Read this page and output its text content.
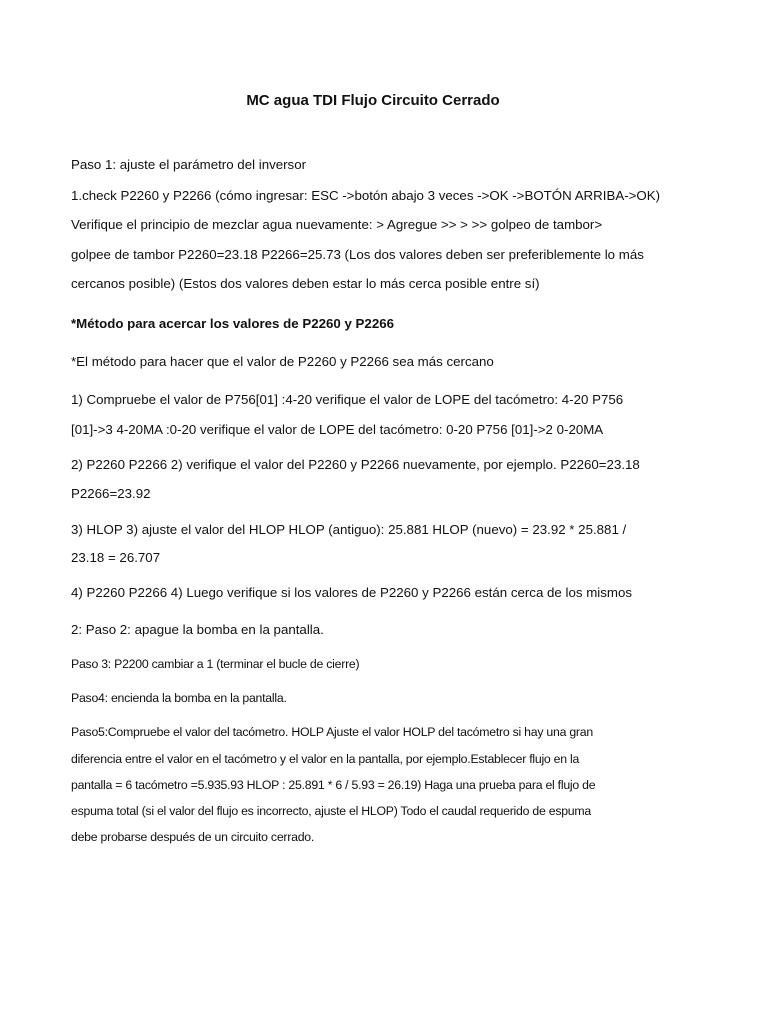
MC agua TDI Flujo Circuito Cerrado
Paso 1: ajuste el parámetro del inversor
1.check P2260 y P2266 (cómo ingresar: ESC ->botón abajo 3 veces ->OK ->BOTÓN ARRIBA->OK)
Verifique el principio de mezclar agua nuevamente: > Agregue >> > >> golpeo de tambor>
golpee de tambor P2260=23.18 P2266=25.73 (Los dos valores deben ser preferiblemente lo más
cercanos posible) (Estos dos valores deben estar lo más cerca posible entre sí)
*Método para acercar los valores de P2260 y P2266
*El método para hacer que el valor de P2260 y P2266 sea más cercano
1) Compruebe el valor de P756[01] :4-20 verifique el valor de LOPE del tacómetro: 4-20 P756
[01]->3 4-20MA :0-20 verifique el valor de LOPE del tacómetro: 0-20 P756 [01]->2 0-20MA
2) P2260 P2266 2) verifique el valor del P2260 y P2266 nuevamente, por ejemplo. P2260=23.18
P2266=23.92
3) HLOP 3) ajuste el valor del HLOP HLOP (antiguo): 25.881 HLOP (nuevo) = 23.92 * 25.881 /
23.18 = 26.707
4) P2260 P2266 4) Luego verifique si los valores de P2260 y P2266 están cerca de los mismos
2: Paso 2: apague la bomba en la pantalla.
Paso 3: P2200 cambiar a 1 (terminar el bucle de cierre)
Paso4: encienda la bomba en la pantalla.
Paso5:Compruebe el valor del tacómetro. HOLP Ajuste el valor HOLP del tacómetro si hay una gran
diferencia entre el valor en el tacómetro y el valor en la pantalla, por ejemplo.Establecer flujo en la
pantalla = 6 tacómetro =5.935.93 HLOP : 25.891 * 6 / 5.93 = 26.19) Haga una prueba para el flujo de
espuma total (si el valor del flujo es incorrecto, ajuste el HLOP) Todo el caudal requerido de espuma
debe probarse después de un circuito cerrado.
